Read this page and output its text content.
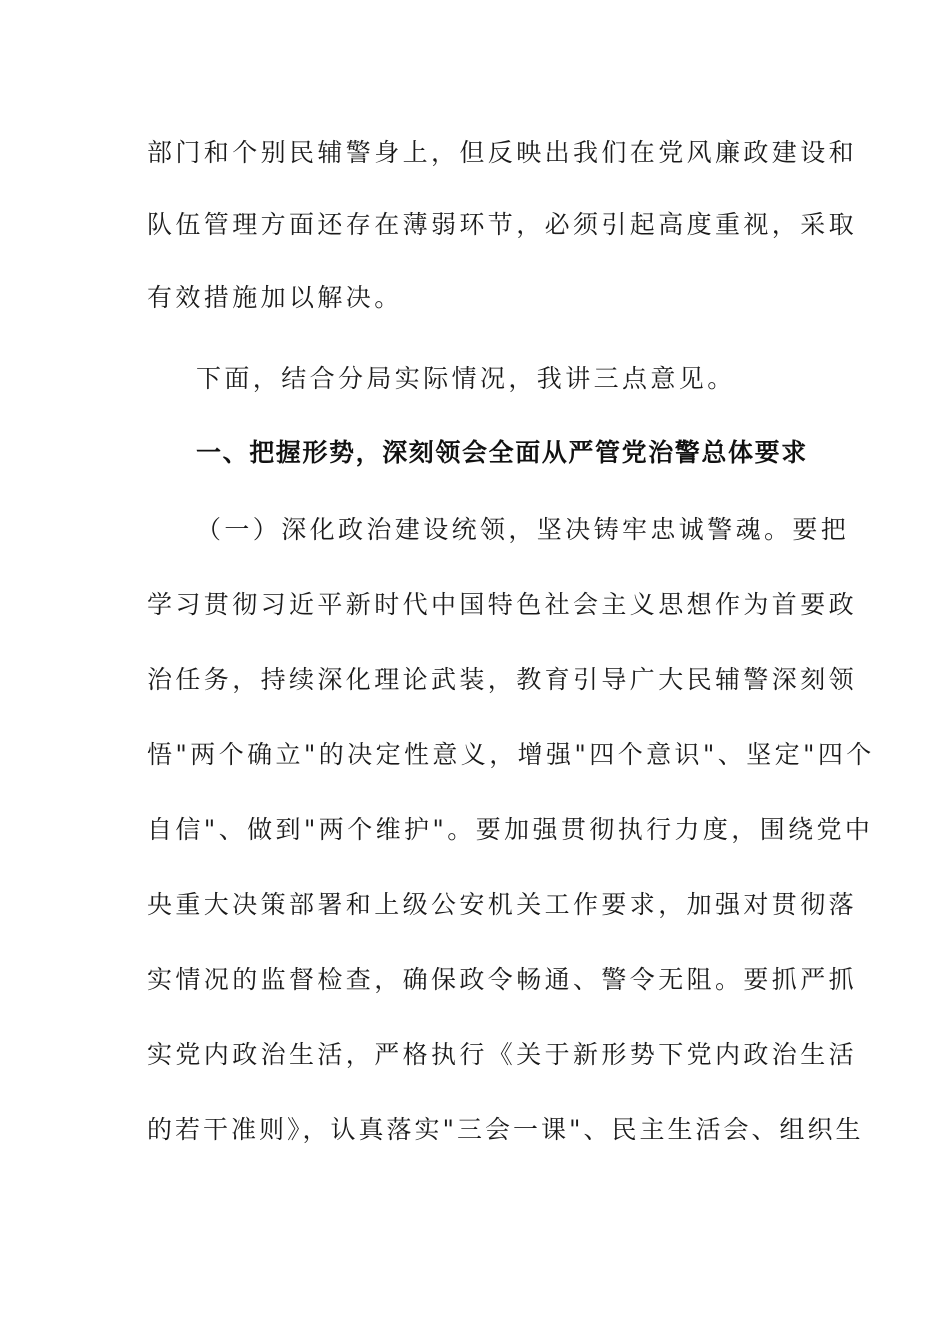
部门和个别民辅警身上，但反映出我们在党风廉政建设和

队伍管理方面还存在薄弱环节，必须引起高度重视，采取

有效措施加以解决。

下面，结合分局实际情况，我讲三点意见。

一、把握形势，深刻领会全面从严管党治警总体要求

（一）深化政治建设统领，坚决铸牢忠诚警魂。要把

学习贯彻习近平新时代中国特色社会主义思想作为首要政

治任务，持续深化理论武装，教育引导广大民辅警深刻领

悟"两个确立"的决定性意义，增强"四个意识"、坚定"四个

自信"、做到"两个维护"。要加强贯彻执行力度，围绕党中

央重大决策部署和上级公安机关工作要求，加强对贯彻落

实情况的监督检查，确保政令畅通、警令无阻。要抓严抓

实党内政治生活，严格执行《关于新形势下党内政治生活

的若干准则》，认真落实"三会一课"、民主生活会、组织生
